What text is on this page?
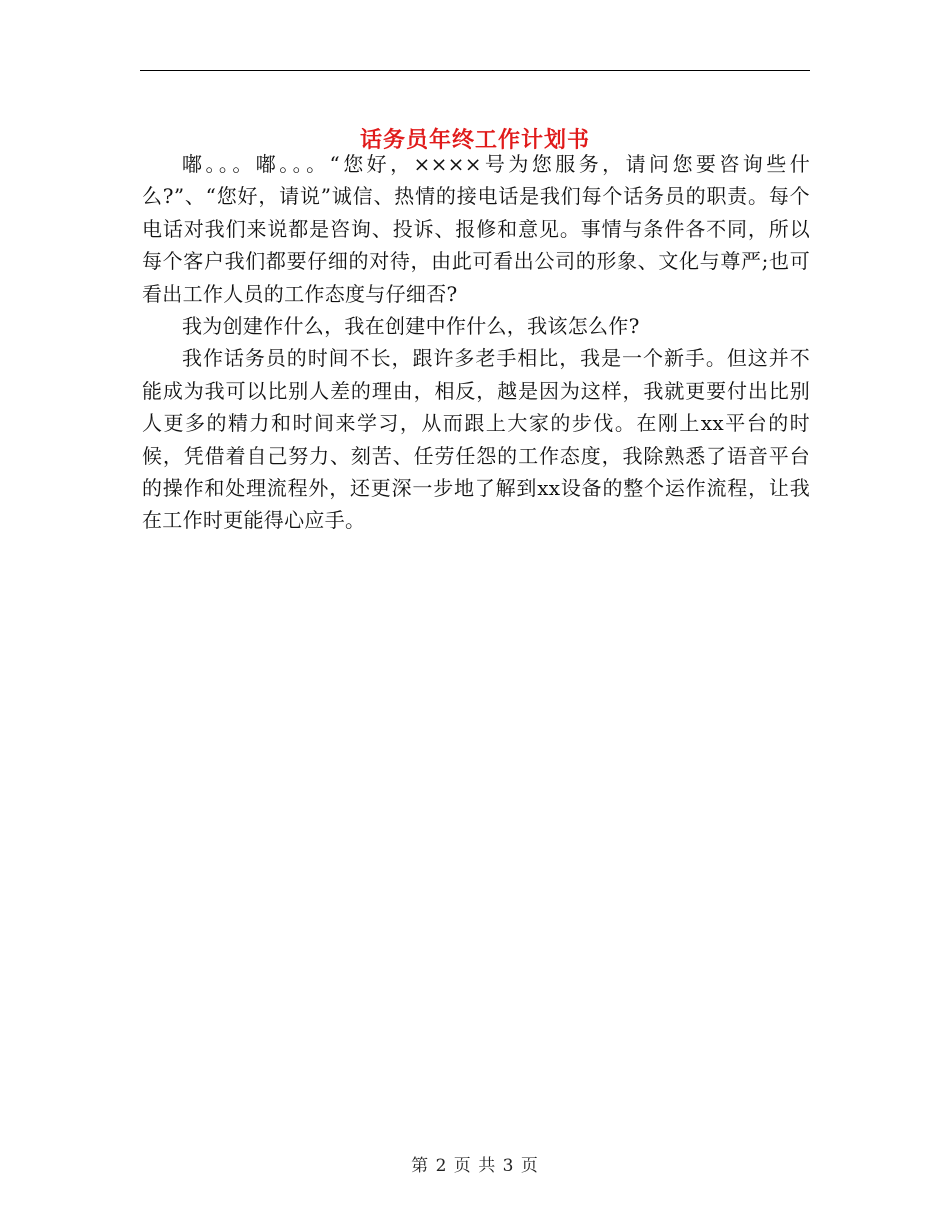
话务员年终工作计划书

嘟。。。嘟。。。“您好，××××号为您服务，请问您要咨询些什么?”、“您好，请说”诚信、热情的接电话是我们每个话务员的职责。每个电话对我们来说都是咨询、投诉、报修和意见。事情与条件各不同，所以每个客户我们都要仔细的对待，由此可看出公司的形象、文化与尊严;也可看出工作人员的工作态度与仔细否?

我为创建作什么，我在创建中作什么，我该怎么作?

我作话务员的时间不长，跟许多老手相比，我是一个新手。但这并不能成为我可以比别人差的理由，相反，越是因为这样，我就更要付出比别人更多的精力和时间来学习，从而跟上大家的步伐。在刚上xx平台的时候，凭借着自己努力、刻苦、任劳任怨的工作态度，我除熟悉了语音平台的操作和处理流程外，还更深一步地了解到xx设备的整个运作流程，让我在工作时更能得心应手。

第 2 页 共 3 页
